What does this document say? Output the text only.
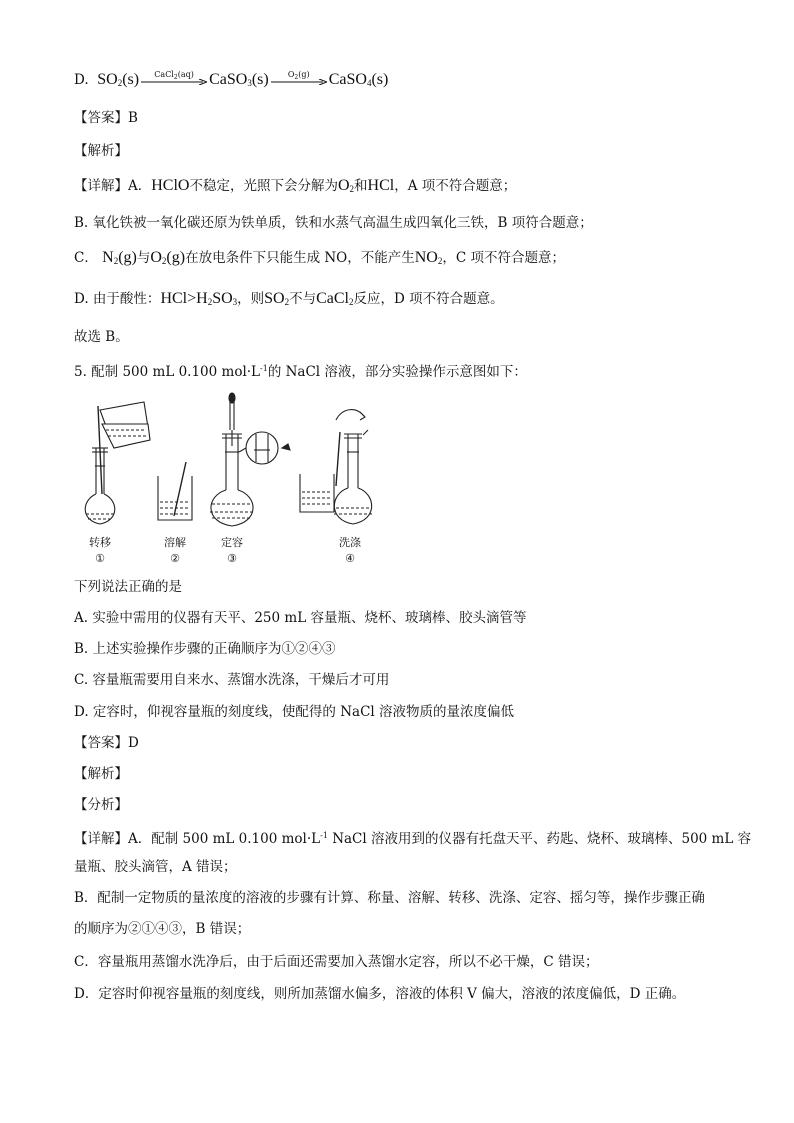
D. $SO_2(s)$	CaCl$_2$(aq) CaSO$_3$(s)	$O_2(g)$	CaSO$_4$(s)
【答案】B
【解析】
【详解】A．HClO不稳定，光照下会分解为$O_2$和HCl，A 项不符合题意；
B. 氧化铁被一氧化碳还原为铁单质，铁和水蒸气高温生成四氧化三铁，B 项符合题意；
C． $N_2(g)$与$O_2(g)$在放电条件下只能生成 NO，不能产生$NO_2$，C 项不符合题意；
D. 由于酸性：$HCl>H_2SO_3$，则$SO_2$不与CaCl$_2$反应，D 项不符合题意。
故选 B。
5. 配制 500 mL 0.100 $mol\cdot L^{-1}$的 NaCl 溶液，部分实验操作示意图如下：
转移
①
溶解
②
定容
③
洗涤
④
下列说法正确的是
A. 实验中需用的仪器有天平、250 mL 容量瓶、烧杯、玻璃棒、胶头滴管等
B. 上述实验操作步骤的正确顺序为①②④③
C. 容量瓶需要用自来水、蒸馏水洗涤，干燥后才可用
D. 定容时，仰视容量瓶的刻度线，使配得的 NaCl 溶液物质的量浓度偏低
【答案】D
【解析】
【分析】
【详解】A．配制 500 mL 0.100 $mol\cdot L^{-1}$ NaCl 溶液用到的仪器有托盘天平、药匙、烧杯、玻璃棒、500 mL 容
量瓶、胶头滴管，A 错误；
B．配制一定物质的量浓度的溶液的步骤有计算、称量、溶解、转移、洗涤、定容、摇匀等，操作步骤正确
的顺序为②①④③，B 错误；
C．容量瓶用蒸馏水洗净后，由于后面还需要加入蒸馏水定容，所以不必干燥，C 错误；
D．定容时仰视容量瓶的刻度线，则所加蒸馏水偏多，溶液的体积 V 偏大，溶液的浓度偏低，D 正确。
